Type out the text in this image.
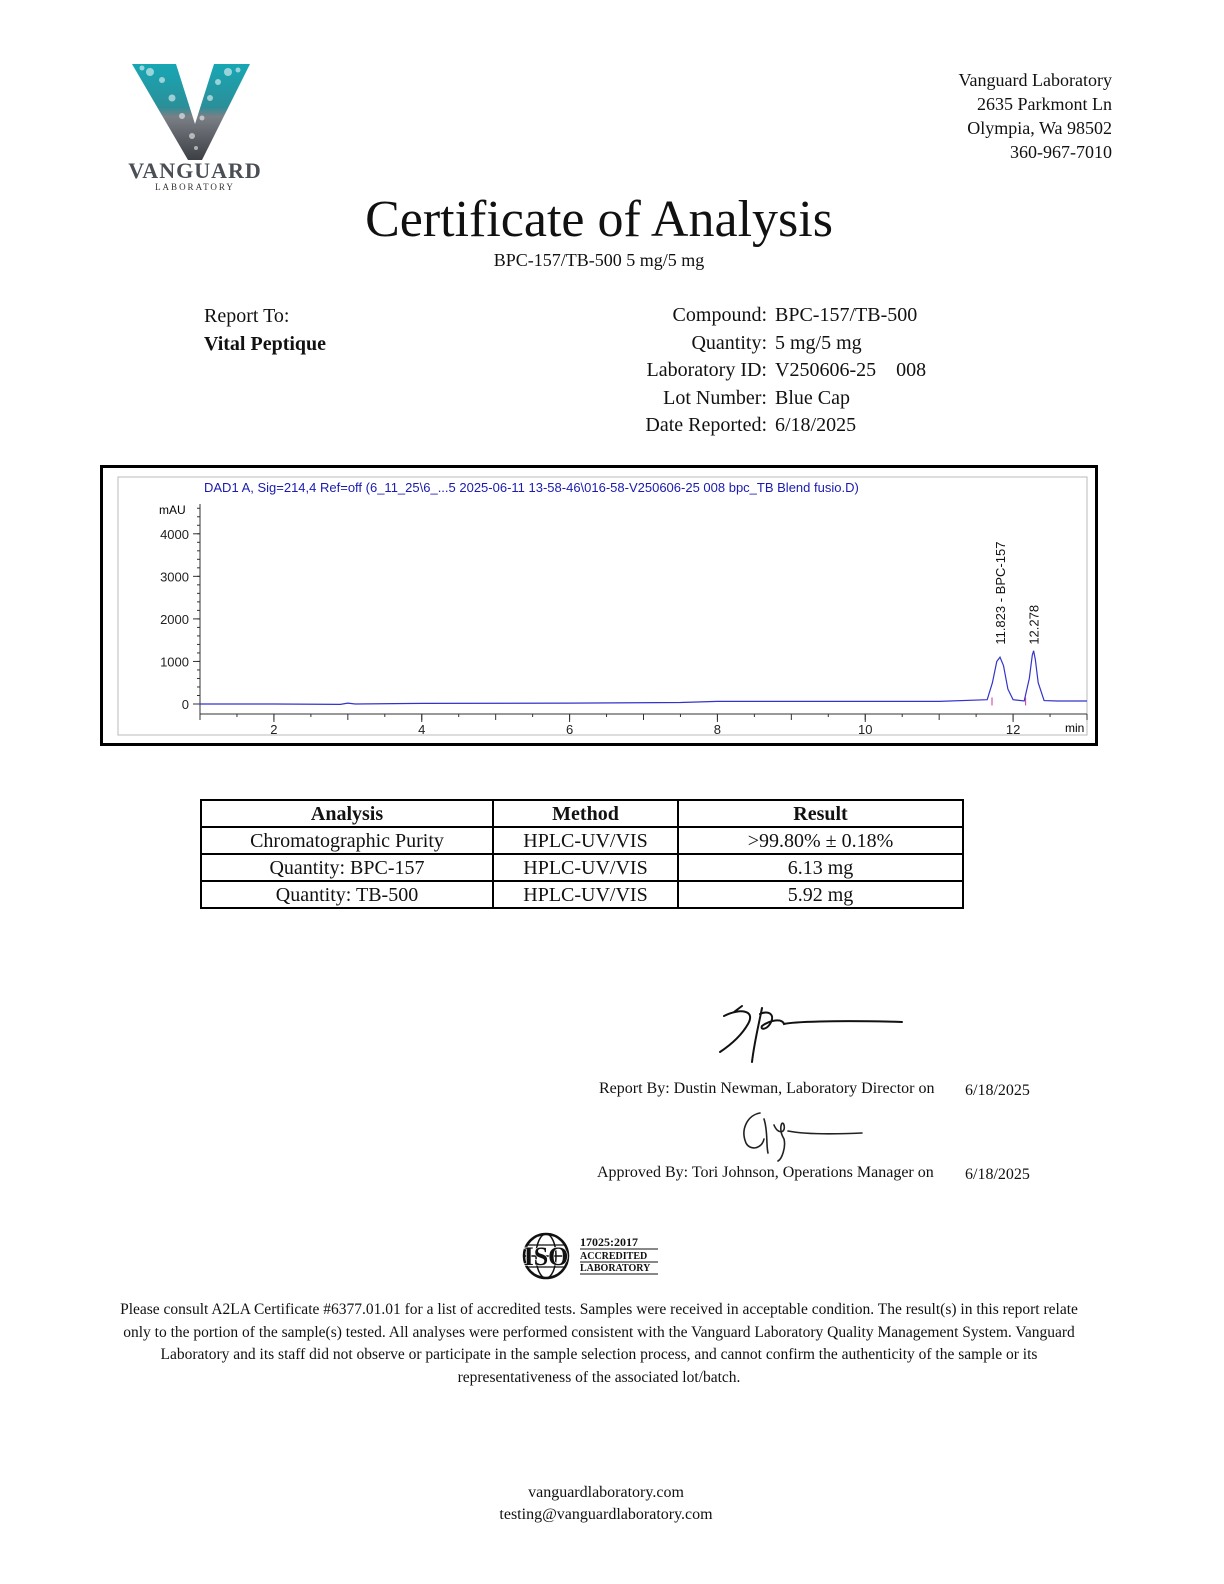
VANGUARD
LABORATORY
Vanguard Laboratory
2635 Parkmont Ln
Olympia, Wa 98502
360-967-7010
Certificate of Analysis
BPC-157/TB-500 5 mg/5 mg
Report To:
Vital Peptique
Compound: BPC-157/TB-500
Quantity: 5 mg/5 mg
Laboratory ID: V250606-25    008
Lot Number: Blue Cap
Date Reported: 6/18/2025
DAD1 A, Sig=214,4 Ref=off (6_11_25\6_...5 2025-06-11 13-58-46\016-58-V250606-25 008 bpc_TB Blend fusio.D)
mAU
min
2	4	6	8	10	12
0
1000
2000
3000
4000
11.823 - BPC-157 12.278
Analysis	Method	Result
Chromatographic Purity	HPLC-UV/VIS	>99.80% ± 0.18%
Quantity: BPC-157	HPLC-UV/VIS	6.13 mg
Quantity: TB-500	HPLC-UV/VIS	5.92 mg
Report By: Dustin Newman, Laboratory Director on 6/18/2025
Approved By: Tori Johnson, Operations Manager on 6/18/2025
ISO 17025:2017
ACCREDITED
LABORATORY
Please consult A2LA Certificate #6377.01.01 for a list of accredited tests. Samples were received in acceptable condition. The result(s) in this report relate only to the portion of the sample(s) tested. All analyses were performed consistent with the Vanguard Laboratory Quality Management System. Vanguard Laboratory and its staff did not observe or participate in the sample selection process, and cannot confirm the authenticity of the sample or its representativeness of the associated lot/batch.
vanguardlaboratory.com
testing@vanguardlaboratory.com
